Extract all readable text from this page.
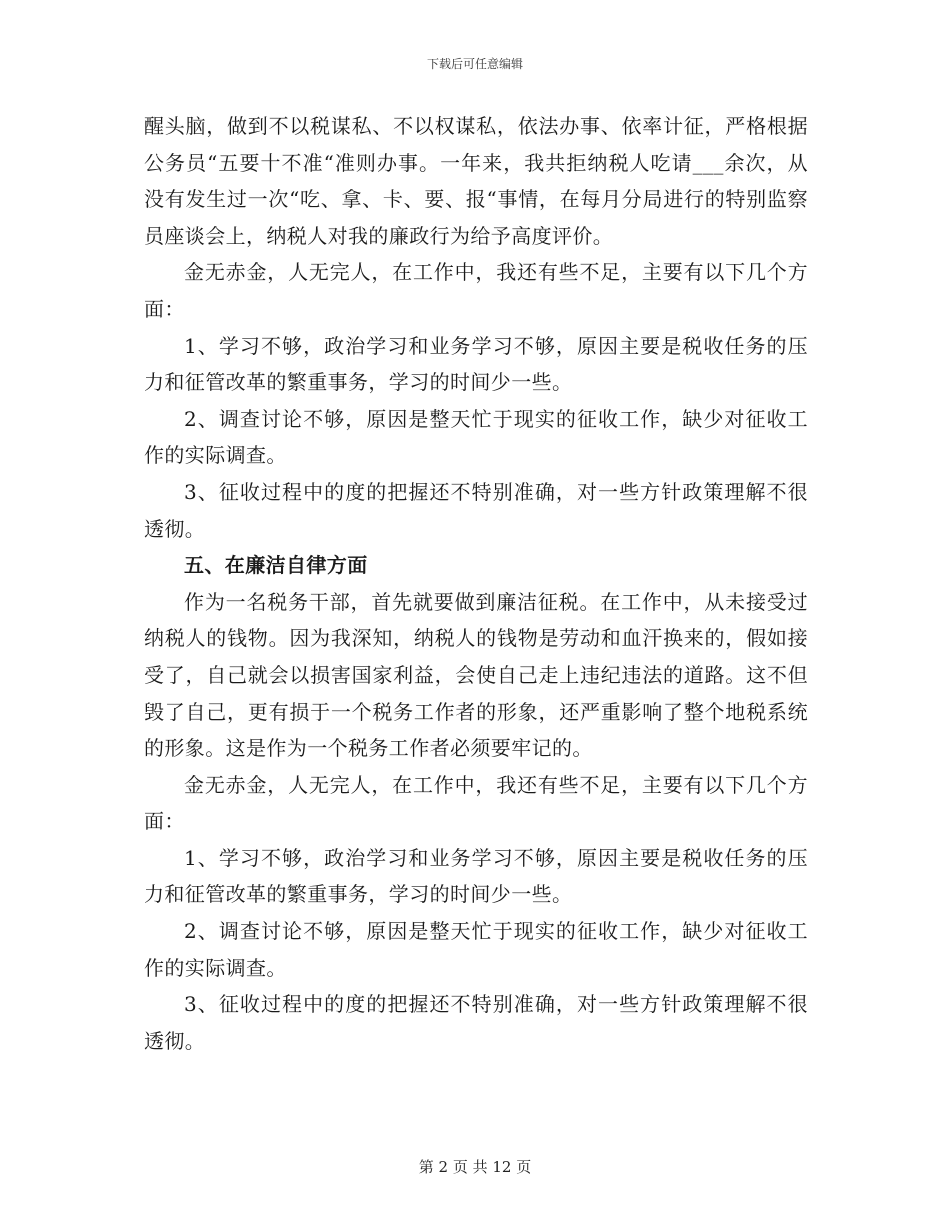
下载后可任意编辑

醒头脑，做到不以税谋私、不以权谋私，依法办事、依率计征，严格根据公务员“五要十不准“准则办事。一年来，我共拒纳税人吃请___余次，从没有发生过一次“吃、拿、卡、要、报“事情，在每月分局进行的特别监察员座谈会上，纳税人对我的廉政行为给予高度评价。

金无赤金，人无完人，在工作中，我还有些不足，主要有以下几个方面：

1、学习不够，政治学习和业务学习不够，原因主要是税收任务的压力和征管改革的繁重事务，学习的时间少一些。

2、调查讨论不够，原因是整天忙于现实的征收工作，缺少对征收工作的实际调查。

3、征收过程中的度的把握还不特别准确，对一些方针政策理解不很透彻。

五、在廉洁自律方面

作为一名税务干部，首先就要做到廉洁征税。在工作中，从未接受过纳税人的钱物。因为我深知，纳税人的钱物是劳动和血汗换来的，假如接受了，自己就会以损害国家利益，会使自己走上违纪违法的道路。这不但毁了自己，更有损于一个税务工作者的形象，还严重影响了整个地税系统的形象。这是作为一个税务工作者必须要牢记的。

金无赤金，人无完人，在工作中，我还有些不足，主要有以下几个方面：

1、学习不够，政治学习和业务学习不够，原因主要是税收任务的压力和征管改革的繁重事务，学习的时间少一些。

2、调查讨论不够，原因是整天忙于现实的征收工作，缺少对征收工作的实际调查。

3、征收过程中的度的把握还不特别准确，对一些方针政策理解不很透彻。

第 2 页 共 12 页
